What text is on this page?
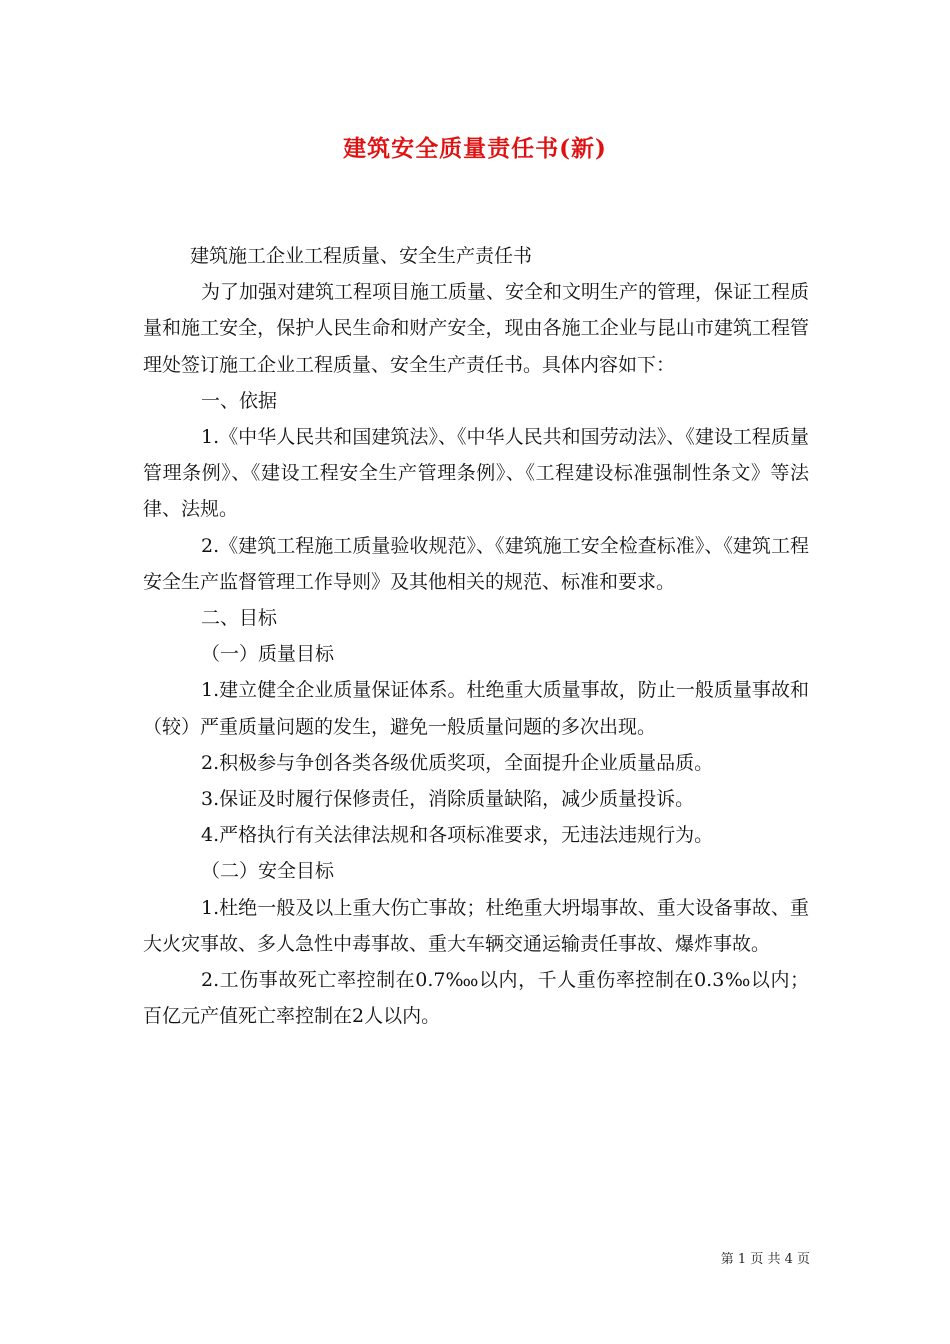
建筑安全质量责任书(新)

建筑施工企业工程质量、安全生产责任书

为了加强对建筑工程项目施工质量、安全和文明生产的管理，保证工程质量和施工安全，保护人民生命和财产安全，现由各施工企业与昆山市建筑工程管理处签订施工企业工程质量、安全生产责任书。具体内容如下：

一、依据

1.《中华人民共和国建筑法》、《中华人民共和国劳动法》、《建设工程质量管理条例》、《建设工程安全生产管理条例》、《工程建设标准强制性条文》等法律、法规。

2.《建筑工程施工质量验收规范》、《建筑施工安全检查标准》、《建筑工程安全生产监督管理工作导则》及其他相关的规范、标准和要求。

二、目标

（一）质量目标

1.建立健全企业质量保证体系。杜绝重大质量事故，防止一般质量事故和（较）严重质量问题的发生，避免一般质量问题的多次出现。

2.积极参与争创各类各级优质奖项，全面提升企业质量品质。

3.保证及时履行保修责任，消除质量缺陷，减少质量投诉。

4.严格执行有关法律法规和各项标准要求，无违法违规行为。

（二）安全目标

1.杜绝一般及以上重大伤亡事故；杜绝重大坍塌事故、重大设备事故、重大火灾事故、多人急性中毒事故、重大车辆交通运输责任事故、爆炸事故。

2.工伤事故死亡率控制在0.7‱以内，千人重伤率控制在0.3‰以内；百亿元产值死亡率控制在2人以内。

第 1 页 共 4 页
